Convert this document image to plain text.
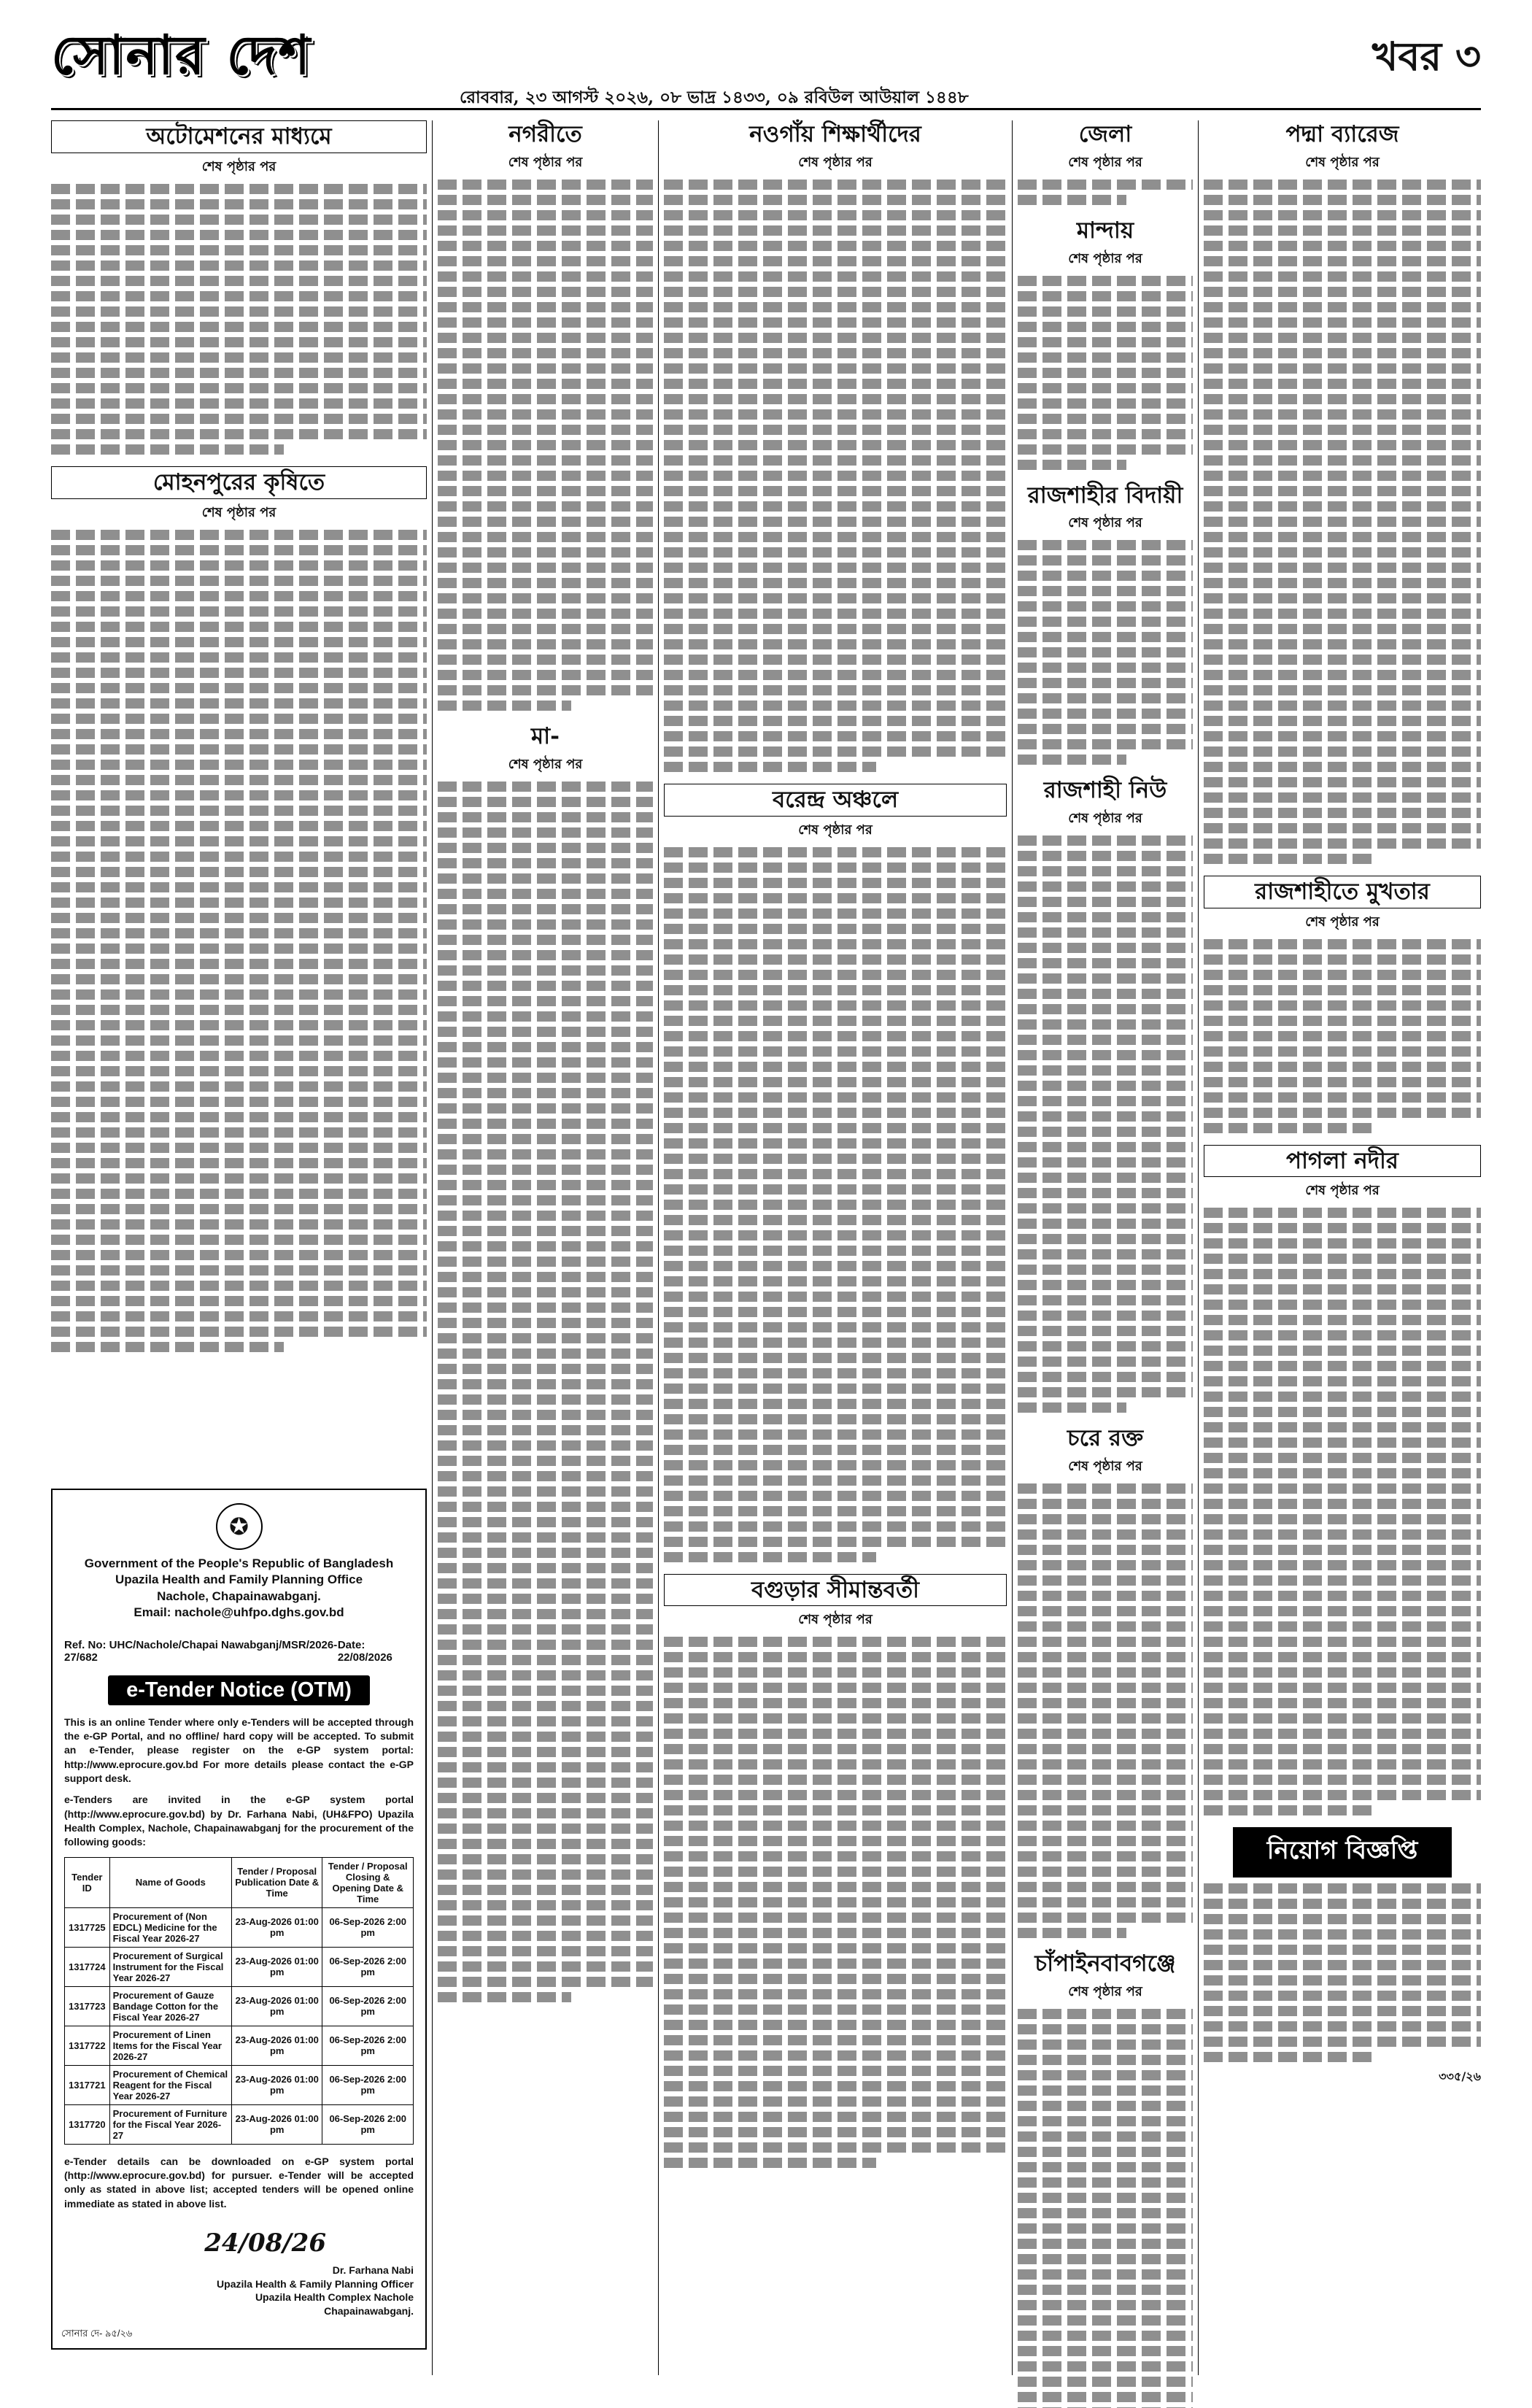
সোনার দেশ
রোববার, ২৩ আগস্ট ২০২৬, ০৮ ভাদ্র ১৪৩৩, ০৯ রবিউল আউয়াল ১৪৪৮
খবর ৩
অটোমেশনের মাধ্যমে
শেষ পৃষ্ঠার পর
মোহনপুরের কৃষিতে
শেষ পৃষ্ঠার পর
✪
Government of the People's Republic of Bangladesh
Upazila Health and Family Planning Office
Nachole, Chapainawabganj.
Email: nachole@uhfpo.dghs.gov.bd
Ref. No: UHC/Nachole/Chapai Nawabganj/MSR/2026-27/682
Date: 22/08/2026
e-Tender Notice (OTM)
This is an online Tender where only e-Tenders will be accepted through the e-GP Portal, and no offline/ hard copy will be accepted. To submit an e-Tender, please register on the e-GP system portal: http://www.eprocure.gov.bd For more details please contact the e-GP support desk.
e-Tenders are invited in the e-GP system portal (http://www.eprocure.gov.bd) by Dr. Farhana Nabi, (UH&FPO) Upazila Health Complex, Nachole, Chapainawabganj for the procurement of the following goods:
Tender ID	Name of Goods	Tender / Proposal Publication Date & Time	Tender / Proposal Closing & Opening Date & Time
1317725	Procurement of (Non EDCL) Medicine for the Fiscal Year 2026-27	23-Aug-2026 01:00 pm	06-Sep-2026 2:00 pm
1317724	Procurement of Surgical Instrument for the Fiscal Year 2026-27	23-Aug-2026 01:00 pm	06-Sep-2026 2:00 pm
1317723	Procurement of Gauze Bandage Cotton for the Fiscal Year 2026-27	23-Aug-2026 01:00 pm	06-Sep-2026 2:00 pm
1317722	Procurement of Linen Items for the Fiscal Year 2026-27	23-Aug-2026 01:00 pm	06-Sep-2026 2:00 pm
1317721	Procurement of Chemical Reagent for the Fiscal Year 2026-27	23-Aug-2026 01:00 pm	06-Sep-2026 2:00 pm
1317720	Procurement of Furniture for the Fiscal Year 2026-27	23-Aug-2026 01:00 pm	06-Sep-2026 2:00 pm
e-Tender details can be downloaded on e-GP system portal (http://www.eprocure.gov.bd) for pursuer. e-Tender will be accepted only as stated in above list; accepted tenders will be opened online immediate as stated in above list.
24/08/26
Dr. Farhana Nabi
Upazila Health & Family Planning Officer
Upazila Health Complex Nachole
Chapainawabganj.
সোনার দে- ৯৫/২৬
নগরীতে
শেষ পৃষ্ঠার পর
মা-
শেষ পৃষ্ঠার পর
নওগাঁয় শিক্ষার্থীদের
শেষ পৃষ্ঠার পর
বরেন্দ্র অঞ্চলে
শেষ পৃষ্ঠার পর
বগুড়ার সীমান্তবর্তী
শেষ পৃষ্ঠার পর
জেলা
শেষ পৃষ্ঠার পর
মান্দায়
শেষ পৃষ্ঠার পর
রাজশাহীর বিদায়ী
শেষ পৃষ্ঠার পর
রাজশাহী নিউ
শেষ পৃষ্ঠার পর
চরে রক্ত
শেষ পৃষ্ঠার পর
চাঁপাইনবাবগঞ্জে
শেষ পৃষ্ঠার পর
পদ্মা ব্যারেজ
শেষ পৃষ্ঠার পর
রাজশাহীতে মুখতার
শেষ পৃষ্ঠার পর
পাগলা নদীর
শেষ পৃষ্ঠার পর
নিয়োগ বিজ্ঞপ্তি
৩৩৫/২৬
